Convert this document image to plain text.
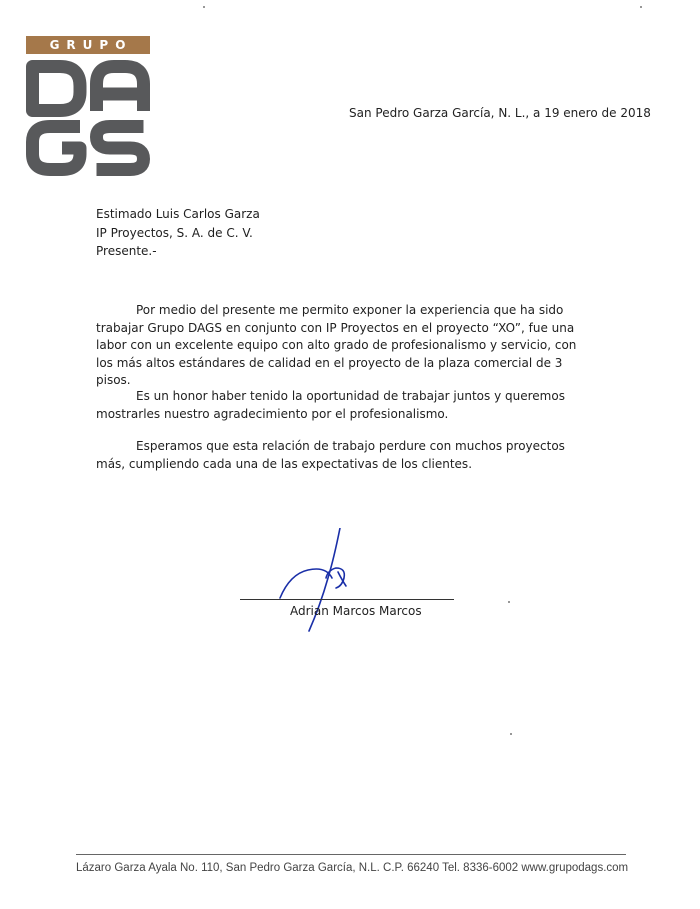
GRUPO
San Pedro Garza García, N. L., a 19 enero de 2018
Estimado Luis Carlos Garza
IP Proyectos, S. A. de C. V.
Presente.-

Por medio del presente me permito exponer la experiencia que ha sido trabajar Grupo DAGS en conjunto con IP Proyectos en el proyecto “XO”, fue una labor con un excelente equipo con alto grado de profesionalismo y servicio, con los más altos estándares de calidad en el proyecto de la plaza comercial de 3 pisos.

Es un honor haber tenido la oportunidad de trabajar juntos y queremos mostrarles nuestro agradecimiento por el profesionalismo.

Esperamos que esta relación de trabajo perdure con muchos proyectos más, cumpliendo cada una de las expectativas de los clientes.

Adrian Marcos Marcos
Lázaro Garza Ayala No. 110, San Pedro Garza García, N.L. C.P. 66240 Tel. 8336-6002 www.grupodags.com
